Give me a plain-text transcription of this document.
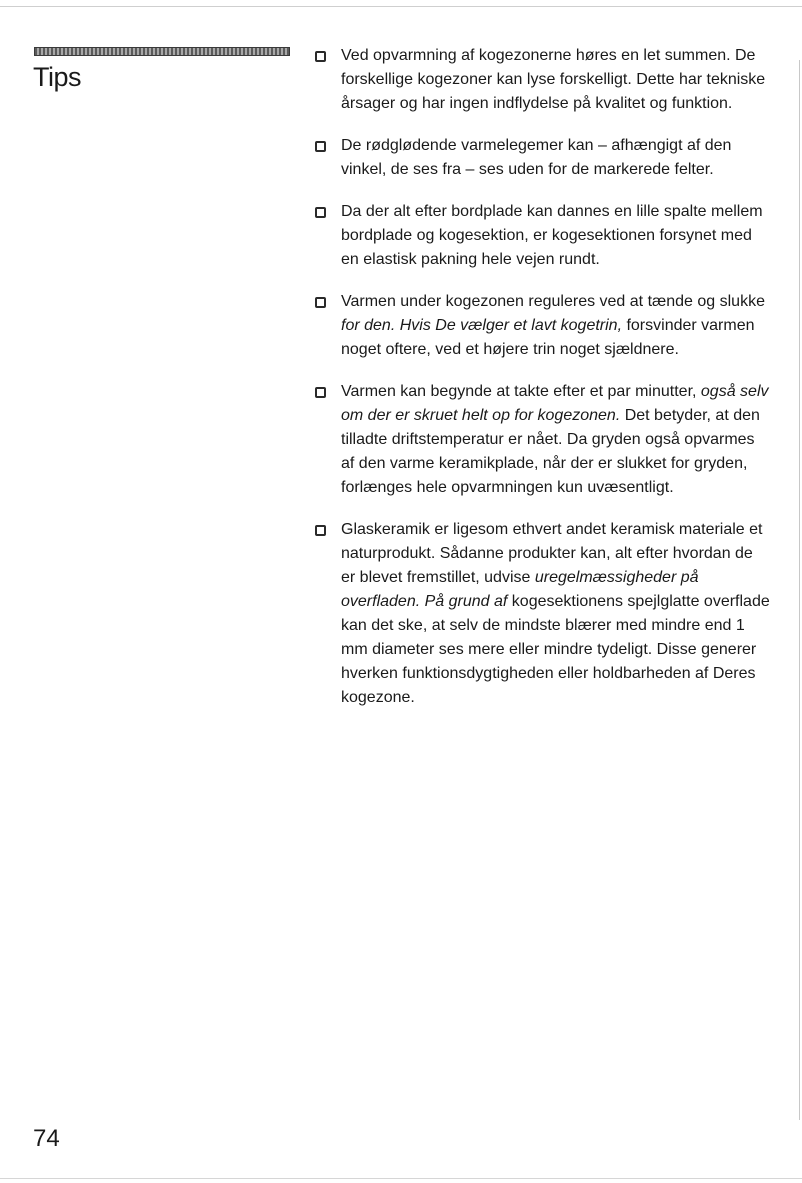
Tips
Ved opvarmning af kogezonerne høres en let summen. De forskellige kogezoner kan lyse forskelligt. Dette har tekniske årsager og har ingen indflydelse på kvalitet og funktion.
De rødglødende varmelegemer kan – afhængigt af den vinkel, de ses fra – ses uden for de markerede felter.
Da der alt efter bordplade kan dannes en lille spalte mellem bordplade og kogesektion, er kogesektionen forsynet med en elastisk pakning hele vejen rundt.
Varmen under kogezonen reguleres ved at tænde og slukke for den. Hvis De vælger et lavt kogetrin, forsvinder varmen noget oftere, ved et højere trin noget sjældnere.
Varmen kan begynde at takte efter et par minutter, også selv om der er skruet helt op for kogezonen. Det betyder, at den tilladte driftstemperatur er nået. Da gryden også opvarmes af den varme keramikplade, når der er slukket for gryden, forlænges hele opvarmningen kun uvæsentligt.
Glaskeramik er ligesom ethvert andet keramisk materiale et naturprodukt. Sådanne produkter kan, alt efter hvordan de er blevet fremstillet, udvise uregelmæssigheder på overfladen. På grund af kogesektionens spejlglatte overflade kan det ske, at selv de mindste blærer med mindre end 1 mm diameter ses mere eller mindre tydeligt. Disse generer hverken funktionsdygtigheden eller holdbarheden af Deres kogezone.

74
